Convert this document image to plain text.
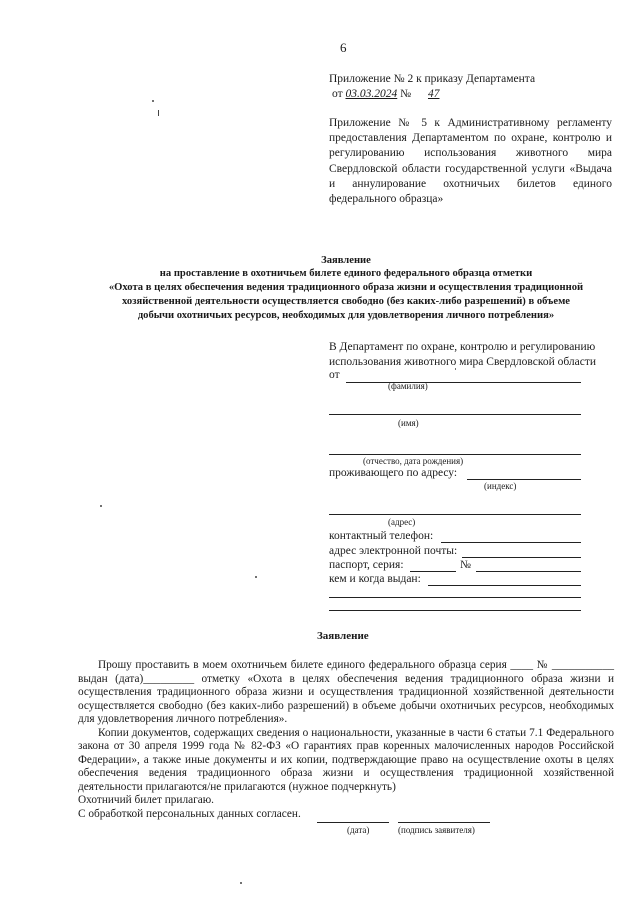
6
Приложение № 2 к приказу Департамента
от 03.03.2024 № 47

Приложение № 5 к Административному регламенту предоставления Департаментом по охране, контролю и регулированию использования животного мира Свердловской области государственной услуги «Выдача и аннулирование охотничьих билетов единого федерального образца»

Заявление
на проставление в охотничьем билете единого федерального образца отметки
«Охота в целях обеспечения ведения традиционного образа жизни и осуществления традиционной
хозяйственной деятельности осуществляется свободно (без каких-либо разрешений) в объеме
добычи охотничьих ресурсов, необходимых для удовлетворения личного потребления»
В Департамент по охране, контролю и регулированию
использования животного мира Свердловской области
от
(фамилия)
(имя)
(отчество, дата рождения)
проживающего по адресу:
(индекс)
(адрес)
контактный телефон:
адрес электронной почты:
паспорт, серия:	№
кем и когда выдан:
Заявление

Прошу проставить в моем охотничьем билете единого федерального образца серия ____ № ___________ выдан (дата)_________ отметку «Охота в целях обеспечения ведения традиционного образа жизни и осуществления традиционного образа жизни и осуществления традиционной хозяйственной деятельности осуществляется свободно (без каких-либо разрешений) в объеме добычи охотничьих ресурсов, необходимых для удовлетворения личного потребления».

Копии документов, содержащих сведения о национальности, указанные в части 6 статьи 7.1 Федерального закона от 30 апреля 1999 года № 82-ФЗ «О гарантиях прав коренных малочисленных народов Российской Федерации», а также иные документы и их копии, подтверждающие право на осуществление охоты в целях обеспечения ведения традиционного образа жизни и осуществления традиционной хозяйственной деятельности прилагаются/не прилагаются (нужное подчеркнуть)

Охотничий билет прилагаю.

С обработкой персональных данных согласен.

(дата)	(подпись заявителя)
